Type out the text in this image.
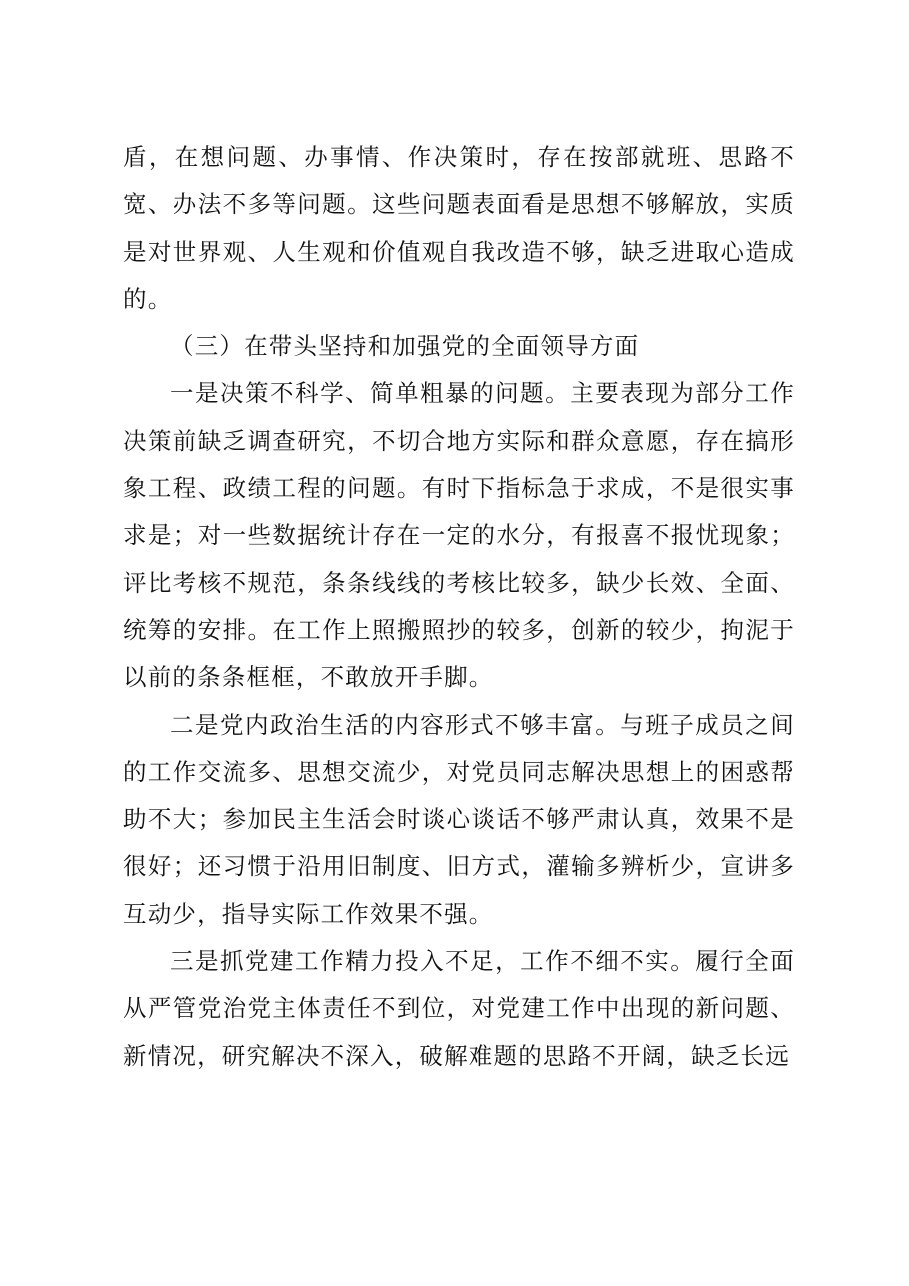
盾，在想问题、办事情、作决策时，存在按部就班、思路不宽、办法不多等问题。这些问题表面看是思想不够解放，实质是对世界观、人生观和价值观自我改造不够，缺乏进取心造成的。

（三）在带头坚持和加强党的全面领导方面

一是决策不科学、简单粗暴的问题。主要表现为部分工作决策前缺乏调查研究，不切合地方实际和群众意愿，存在搞形象工程、政绩工程的问题。有时下指标急于求成，不是很实事求是；对一些数据统计存在一定的水分，有报喜不报忧现象；评比考核不规范，条条线线的考核比较多，缺少长效、全面、统筹的安排。在工作上照搬照抄的较多，创新的较少，拘泥于以前的条条框框，不敢放开手脚。

二是党内政治生活的内容形式不够丰富。与班子成员之间的工作交流多、思想交流少，对党员同志解决思想上的困惑帮助不大；参加民主生活会时谈心谈话不够严肃认真，效果不是很好；还习惯于沿用旧制度、旧方式，灌输多辨析少，宣讲多互动少，指导实际工作效果不强。

三是抓党建工作精力投入不足，工作不细不实。履行全面从严管党治党主体责任不到位，对党建工作中出现的新问题、新情况，研究解决不深入，破解难题的思路不开阔，缺乏长远
